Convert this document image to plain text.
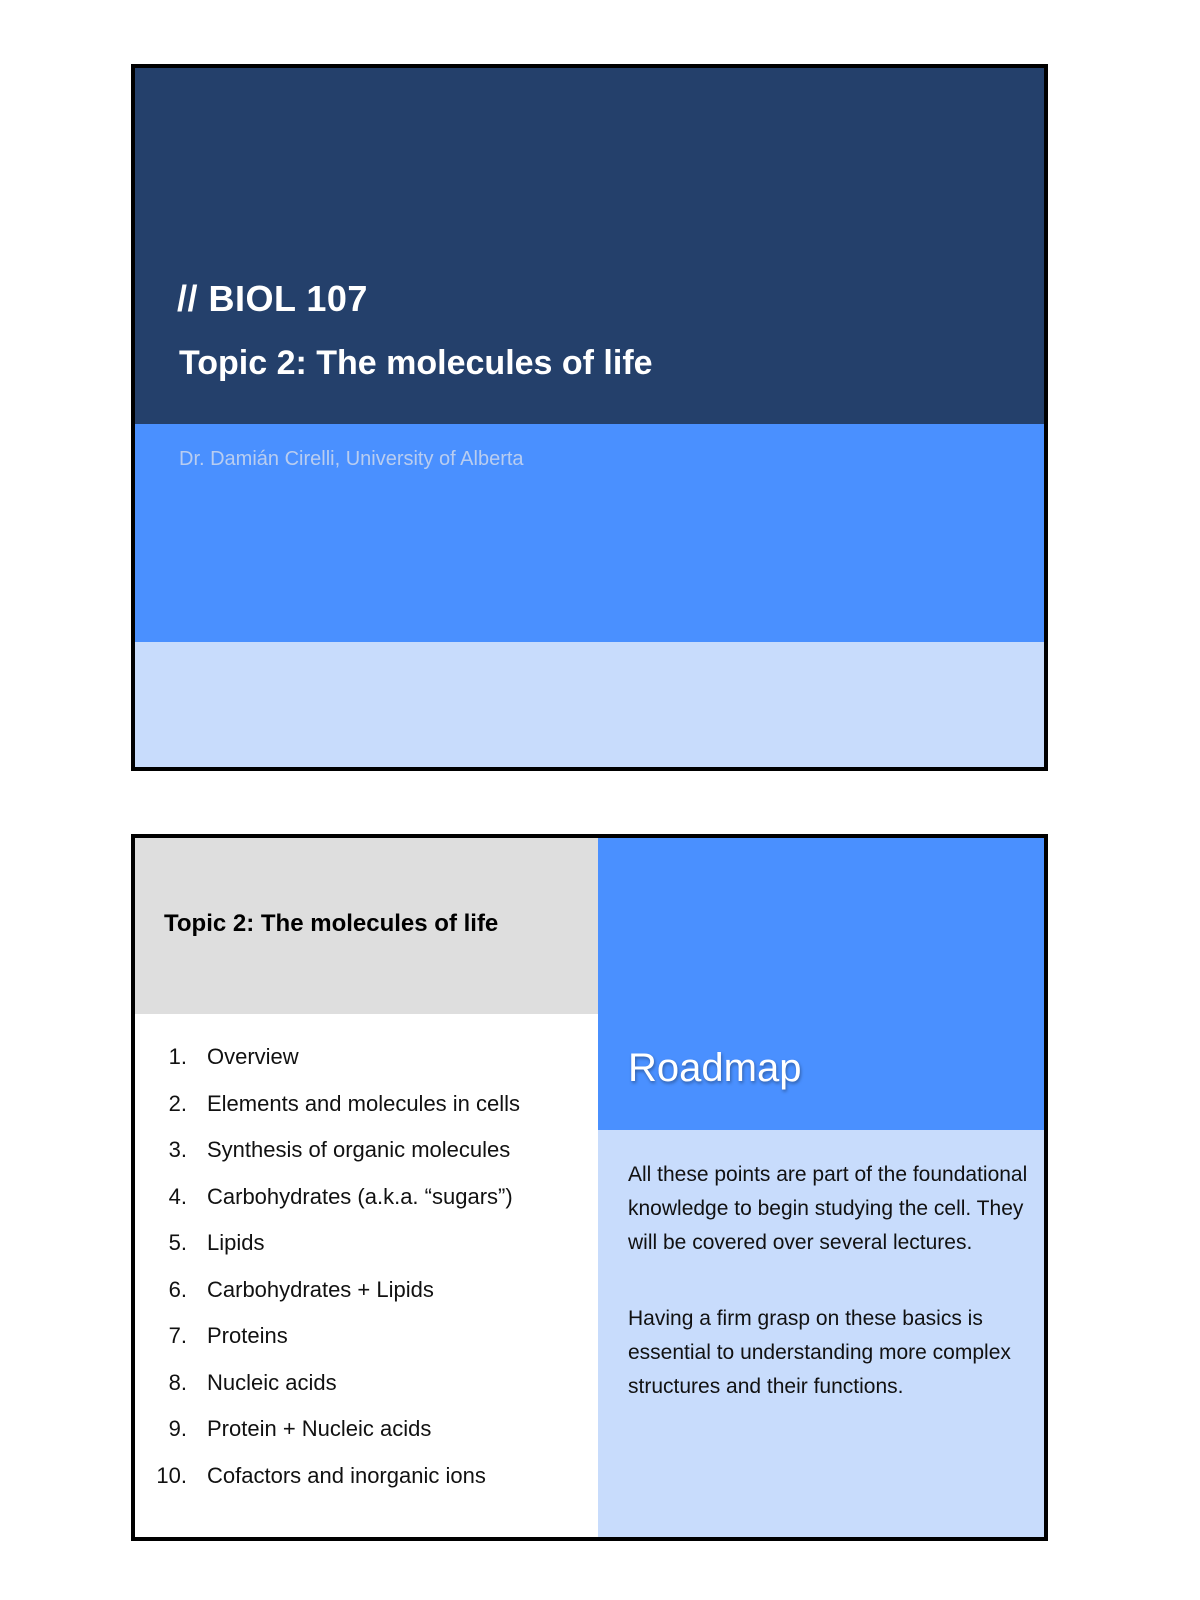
// BIOL 107
Topic 2: The molecules of life
Dr. Damián Cirelli, University of Alberta
Topic 2: The molecules of life
1. Overview
2. Elements and molecules in cells
3. Synthesis of organic molecules
4. Carbohydrates (a.k.a. “sugars”)
5. Lipids
6. Carbohydrates + Lipids
7. Proteins
8. Nucleic acids
9. Protein + Nucleic acids
10. Cofactors and inorganic ions
Roadmap
All these points are part of the foundational knowledge to begin studying the cell. They will be covered over several lectures.
Having a firm grasp on these basics is essential to understanding more complex structures and their functions.
